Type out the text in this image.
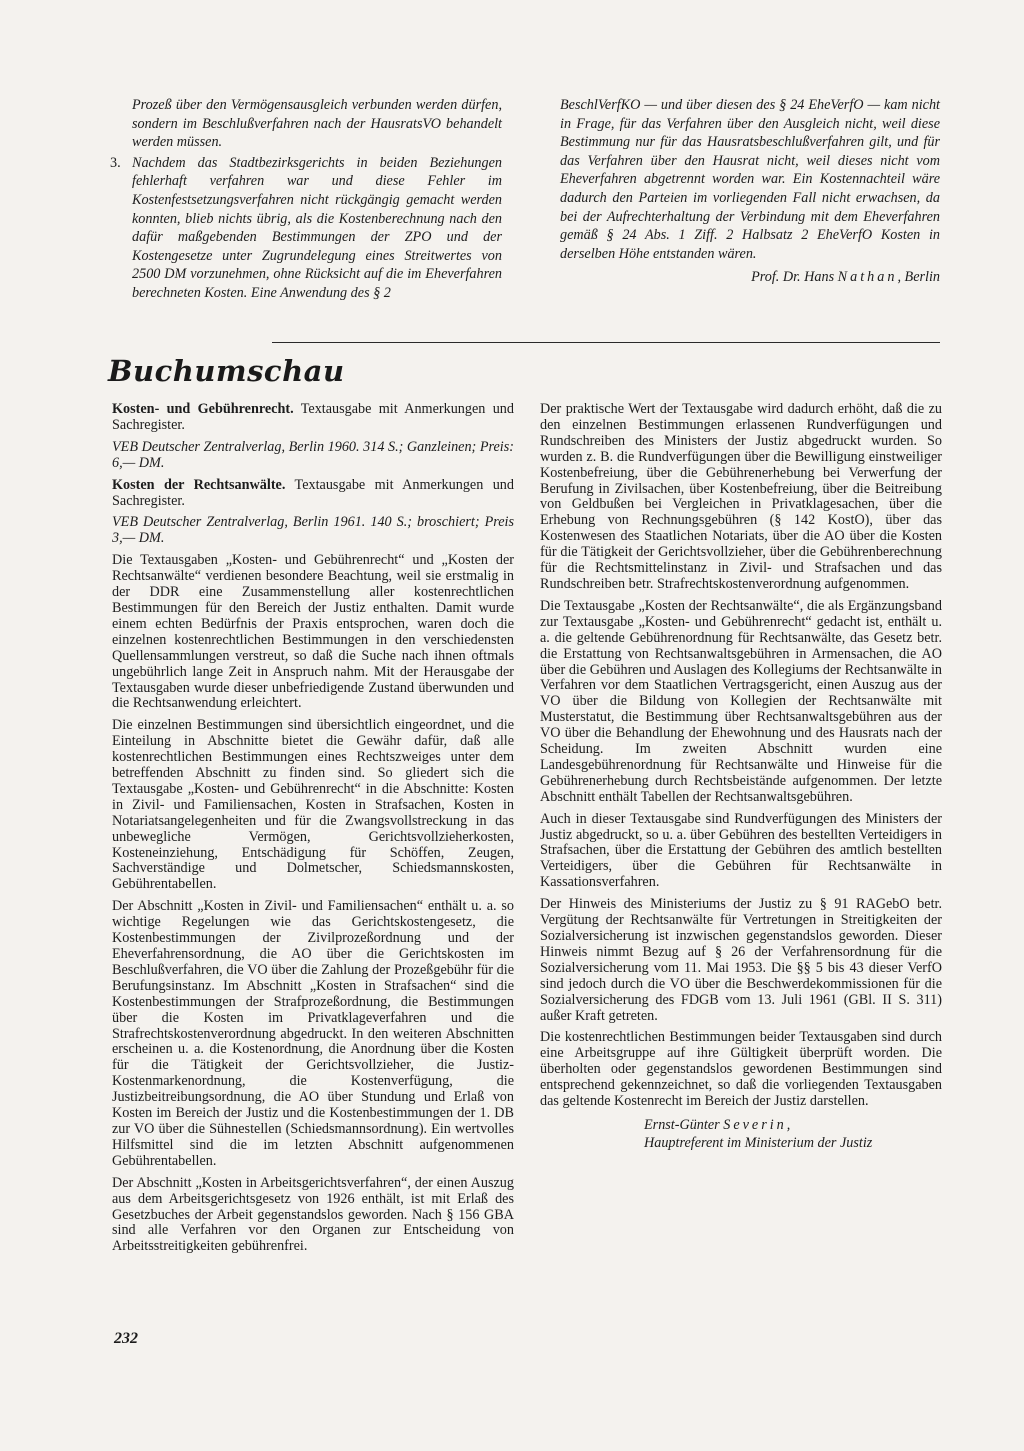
Prozeß über den Vermögensausgleich verbunden werden dürfen, sondern im Beschlußverfahren nach der HausratsVO behandelt werden müssen.

3. Nachdem das Stadtbezirksgerichts in beiden Beziehungen fehlerhaft verfahren war und diese Fehler im Kostenfestsetzungsverfahren nicht rückgängig gemacht werden konnten, blieb nichts übrig, als die Kostenberechnung nach den dafür maßgebenden Bestimmungen der ZPO und der Kostengesetze unter Zugrundelegung eines Streitwertes von 2500 DM vorzunehmen, ohne Rücksicht auf die im Eheverfahren berechneten Kosten. Eine Anwendung des § 2

BeschlVerfKO — und über diesen des § 24 EheVerfO — kam nicht in Frage, für das Verfahren über den Ausgleich nicht, weil diese Bestimmung nur für das Hausratsbeschlußverfahren gilt, und für das Verfahren über den Hausrat nicht, weil dieses nicht vom Eheverfahren abgetrennt worden war. Ein Kostennachteil wäre dadurch den Parteien im vorliegenden Fall nicht erwachsen, da bei der Aufrechterhaltung der Verbindung mit dem Eheverfahren gemäß § 24 Abs. 1 Ziff. 2 Halbsatz 2 EheVerfO Kosten in derselben Höhe entstanden wären.

Prof. Dr. Hans Nathan, Berlin
Buchumschau

Kosten- und Gebührenrecht. Textausgabe mit Anmerkungen und Sachregister.

VEB Deutscher Zentralverlag, Berlin 1960. 314 S.; Ganzleinen; Preis: 6,— DM.

Kosten der Rechtsanwälte. Textausgabe mit Anmerkungen und Sachregister.

VEB Deutscher Zentralverlag, Berlin 1961. 140 S.; broschiert; Preis 3,— DM.

Die Textausgaben „Kosten- und Gebührenrecht“ und „Kosten der Rechtsanwälte“ verdienen besondere Beachtung, weil sie erstmalig in der DDR eine Zusammenstellung aller kostenrechtlichen Bestimmungen für den Bereich der Justiz enthalten. Damit wurde einem echten Bedürfnis der Praxis entsprochen, waren doch die einzelnen kostenrechtlichen Bestimmungen in den verschiedensten Quellensammlungen verstreut, so daß die Suche nach ihnen oftmals ungebührlich lange Zeit in Anspruch nahm. Mit der Herausgabe der Textausgaben wurde dieser unbefriedigende Zustand überwunden und die Rechtsanwendung erleichtert.

Die einzelnen Bestimmungen sind übersichtlich eingeordnet, und die Einteilung in Abschnitte bietet die Gewähr dafür, daß alle kostenrechtlichen Bestimmungen eines Rechtszweiges unter dem betreffenden Abschnitt zu finden sind. So gliedert sich die Textausgabe „Kosten- und Gebührenrecht“ in die Abschnitte: Kosten in Zivil- und Familiensachen, Kosten in Strafsachen, Kosten in Notariatsangelegenheiten und für die Zwangsvollstreckung in das unbewegliche Vermögen, Gerichtsvollzieherkosten, Kosteneinziehung, Entschädigung für Schöffen, Zeugen, Sachverständige und Dolmetscher, Schiedsmannskosten, Gebührentabellen.

Der Abschnitt „Kosten in Zivil- und Familiensachen“ enthält u. a. so wichtige Regelungen wie das Gerichtskostengesetz, die Kostenbestimmungen der Zivilprozeßordnung und der Eheverfahrensordnung, die AO über die Gerichtskosten im Beschlußverfahren, die VO über die Zahlung der Prozeßgebühr für die Berufungsinstanz. Im Abschnitt „Kosten in Strafsachen“ sind die Kostenbestimmungen der Strafprozeßordnung, die Bestimmungen über die Kosten im Privatklageverfahren und die Strafrechtskostenverordnung abgedruckt. In den weiteren Abschnitten erscheinen u. a. die Kostenordnung, die Anordnung über die Kosten für die Tätigkeit der Gerichtsvollzieher, die Justiz-Kostenmarkenordnung, die Kostenverfügung, die Justizbeitreibungsordnung, die AO über Stundung und Erlaß von Kosten im Bereich der Justiz und die Kostenbestimmungen der 1. DB zur VO über die Sühnestellen (Schiedsmannsordnung). Ein wertvolles Hilfsmittel sind die im letzten Abschnitt aufgenommenen Gebührentabellen.

Der Abschnitt „Kosten in Arbeitsgerichtsverfahren“, der einen Auszug aus dem Arbeitsgerichtsgesetz von 1926 enthält, ist mit Erlaß des Gesetzbuches der Arbeit gegenstandslos geworden. Nach § 156 GBA sind alle Verfahren vor den Organen zur Entscheidung von Arbeitsstreitigkeiten gebührenfrei.

Der praktische Wert der Textausgabe wird dadurch erhöht, daß die zu den einzelnen Bestimmungen erlassenen Rundverfügungen und Rundschreiben des Ministers der Justiz abgedruckt wurden. So wurden z. B. die Rundverfügungen über die Bewilligung einstweiliger Kostenbefreiung, über die Gebührenerhebung bei Verwerfung der Berufung in Zivilsachen, über Kostenbefreiung, über die Beitreibung von Geldbußen bei Vergleichen in Privatklagesachen, über die Erhebung von Rechnungsgebühren (§ 142 KostO), über das Kostenwesen des Staatlichen Notariats, über die AO über die Kosten für die Tätigkeit der Gerichtsvollzieher, über die Gebührenberechnung für die Rechtsmittelinstanz in Zivil- und Strafsachen und das Rundschreiben betr. Strafrechtskostenverordnung aufgenommen.

Die Textausgabe „Kosten der Rechtsanwälte“, die als Ergänzungsband zur Textausgabe „Kosten- und Gebührenrecht“ gedacht ist, enthält u. a. die geltende Gebührenordnung für Rechtsanwälte, das Gesetz betr. die Erstattung von Rechtsanwaltsgebühren in Armensachen, die AO über die Gebühren und Auslagen des Kollegiums der Rechtsanwälte in Verfahren vor dem Staatlichen Vertragsgericht, einen Auszug aus der VO über die Bildung von Kollegien der Rechtsanwälte mit Musterstatut, die Bestimmung über Rechtsanwaltsgebühren aus der VO über die Behandlung der Ehewohnung und des Hausrats nach der Scheidung. Im zweiten Abschnitt wurden eine Landesgebührenordnung für Rechtsanwälte und Hinweise für die Gebührenerhebung durch Rechtsbeistände aufgenommen. Der letzte Abschnitt enthält Tabellen der Rechtsanwaltsgebühren.

Auch in dieser Textausgabe sind Rundverfügungen des Ministers der Justiz abgedruckt, so u. a. über Gebühren des bestellten Verteidigers in Strafsachen, über die Erstattung der Gebühren des amtlich bestellten Verteidigers, über die Gebühren für Rechtsanwälte in Kassationsverfahren.

Der Hinweis des Ministeriums der Justiz zu § 91 RAGebO betr. Vergütung der Rechtsanwälte für Vertretungen in Streitigkeiten der Sozialversicherung ist inzwischen gegenstandslos geworden. Dieser Hinweis nimmt Bezug auf § 26 der Verfahrensordnung für die Sozialversicherung vom 11. Mai 1953. Die §§ 5 bis 43 dieser VerfO sind jedoch durch die VO über die Beschwerdekommissionen für die Sozialversicherung des FDGB vom 13. Juli 1961 (GBl. II S. 311) außer Kraft getreten.

Die kostenrechtlichen Bestimmungen beider Textausgaben sind durch eine Arbeitsgruppe auf ihre Gültigkeit überprüft worden. Die überholten oder gegenstandslos gewordenen Bestimmungen sind entsprechend gekennzeichnet, so daß die vorliegenden Textausgaben das geltende Kostenrecht im Bereich der Justiz darstellen.

Ernst-Günter Severin,
Hauptreferent im Ministerium der Justiz
232
